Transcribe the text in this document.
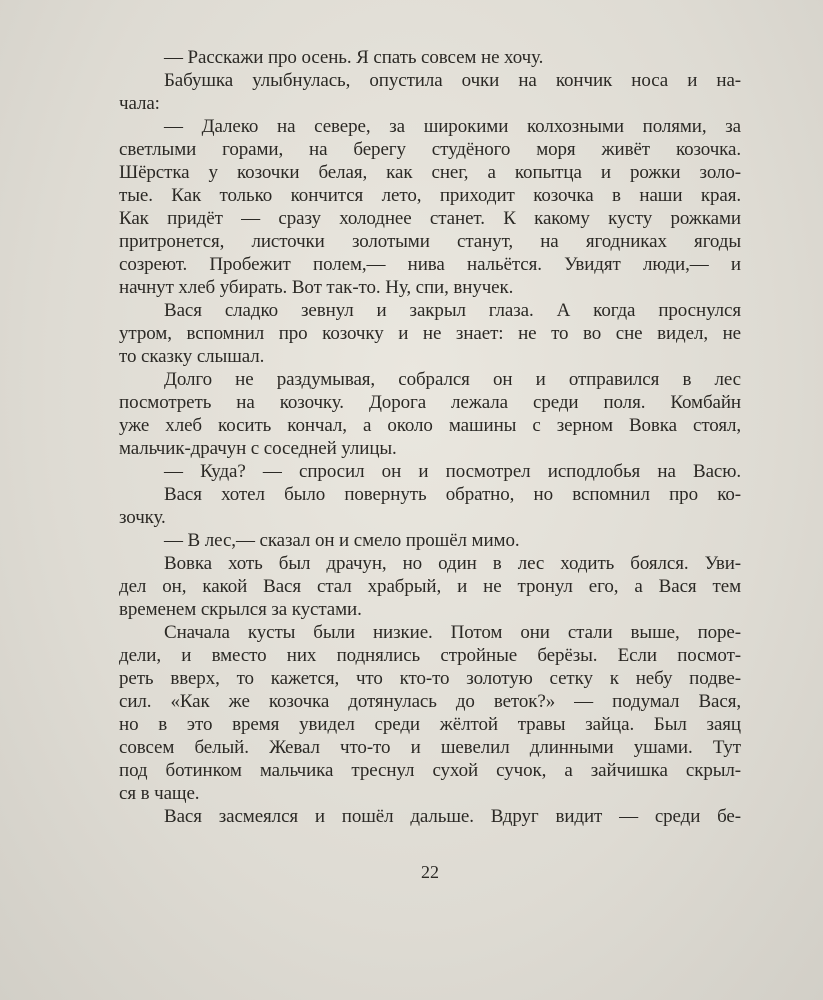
— Расскажи про осень. Я спать совсем не хочу.
Бабушка улыбнулась, опустила очки на кончик носа и на-
чала:
— Далеко на севере, за широкими колхозными полями, за
светлыми горами, на берегу студёного моря живёт козочка.
Шёрстка у козочки белая, как снег, а копытца и рожки золо-
тые. Как только кончится лето, приходит козочка в наши края.
Как придёт — сразу холоднее станет. К какому кусту рожками
притронется, листочки золотыми станут, на ягодниках ягоды
созреют. Пробежит полем,— нива нальётся. Увидят люди,— и
начнут хлеб убирать. Вот так-то. Ну, спи, внучек.
Вася сладко зевнул и закрыл глаза. А когда проснулся
утром, вспомнил про козочку и не знает: не то во сне видел, не
то сказку слышал.
Долго не раздумывая, собрался он и отправился в лес
посмотреть на козочку. Дорога лежала среди поля. Комбайн
уже хлеб косить кончал, а около машины с зерном Вовка стоял,
мальчик-драчун с соседней улицы.
— Куда? — спросил он и посмотрел исподлобья на Васю.
Вася хотел было повернуть обратно, но вспомнил про ко-
зочку.
— В лес,— сказал он и смело прошёл мимо.
Вовка хоть был драчун, но один в лес ходить боялся. Уви-
дел он, какой Вася стал храбрый, и не тронул его, а Вася тем
временем скрылся за кустами.
Сначала кусты были низкие. Потом они стали выше, поре-
дели, и вместо них поднялись стройные берёзы. Если посмот-
реть вверх, то кажется, что кто-то золотую сетку к небу подве-
сил. «Как же козочка дотянулась до веток?» — подумал Вася,
но в это время увидел среди жёлтой травы зайца. Был заяц
совсем белый. Жевал что-то и шевелил длинными ушами. Тут
под ботинком мальчика треснул сухой сучок, а зайчишка скрыл-
ся в чаще.
Вася засмеялся и пошёл дальше. Вдруг видит — среди бе-
22
